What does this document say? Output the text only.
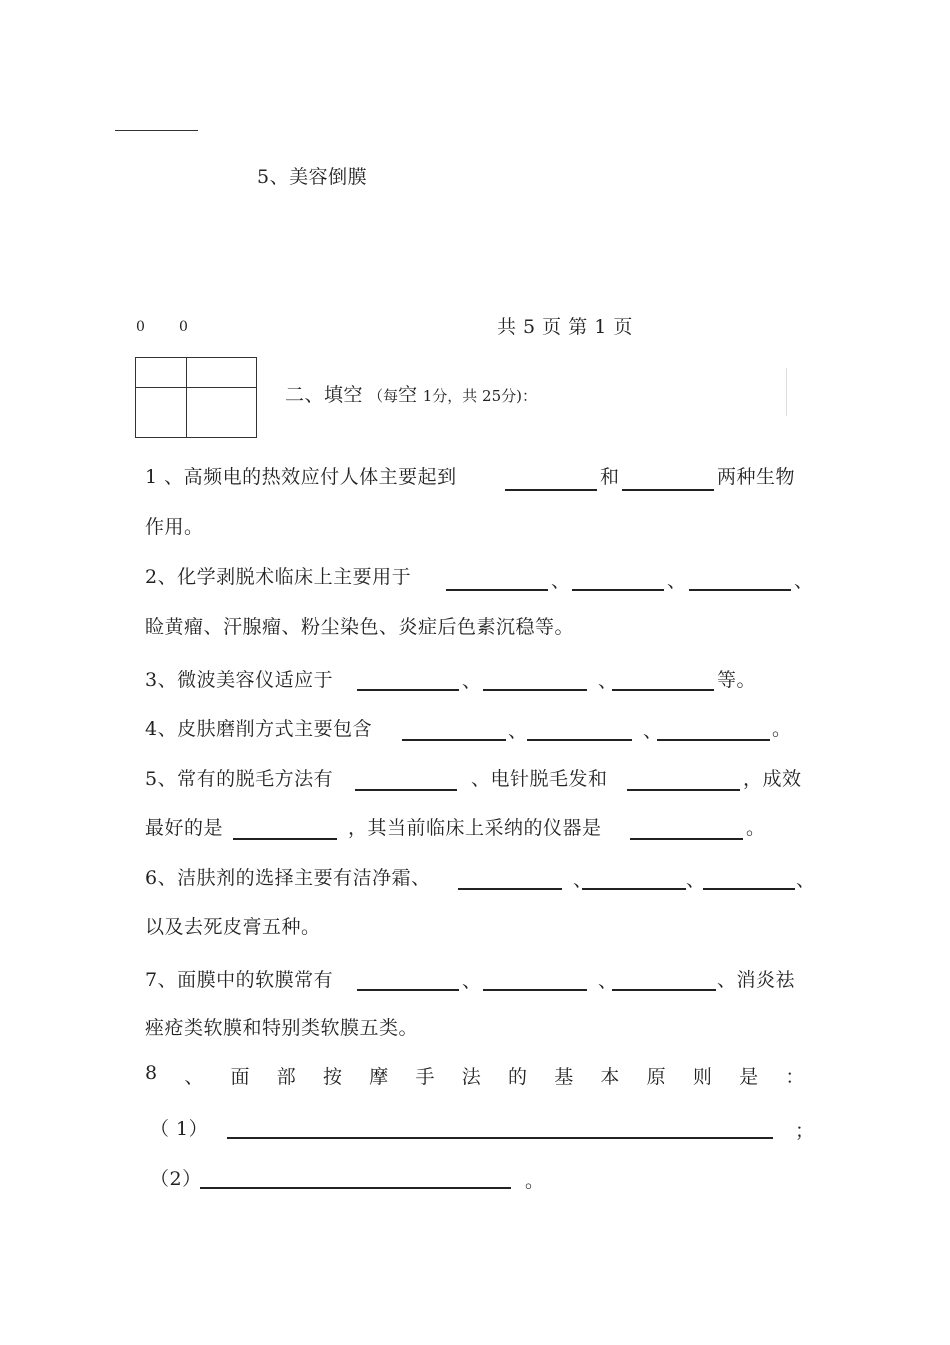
5、美容倒膜
0 0	共 5 页 第 1 页
二、填空 （每空 1分，共 25分)：
1 、高频电的热效应付人体主要起到	和	两种生物
作用。
2、化学剥脱术临床上主要用于	、	、	、
睑黄瘤、汗腺瘤、粉尘染色、炎症后色素沉稳等。
3、微波美容仪适应于	、	、	等。
4、皮肤磨削方式主要包含	、	、	。
5、常有的脱毛方法有	、电针脱毛发和	，成效
最好的是	，其当前临床上采纳的仪器是	。
6、洁肤剂的选择主要有洁净霜、	、	、	、
以及去死皮膏五种。
7、面膜中的软膜常有	、	、	、消炎祛
痤疮类软膜和特别类软膜五类。
8 、 面 部 按 摩 手 法 的 基 本 原 则 是 ：
（ 1）	；
（2）	。
